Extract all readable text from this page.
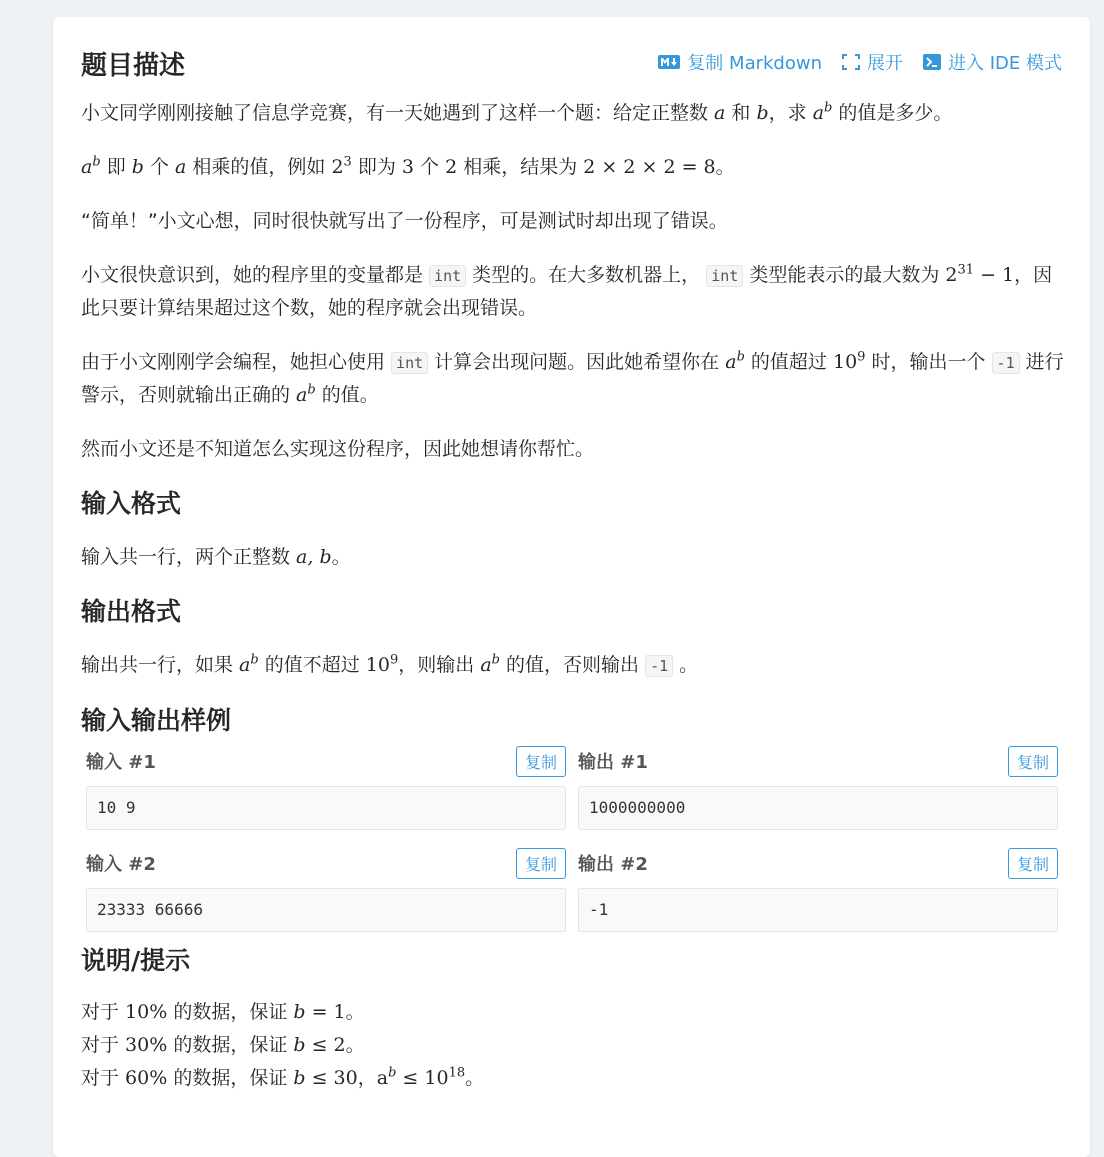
题目描述	复制 Markdown	展开	进入 IDE 模式

小文同学刚刚接触了信息学竞赛，有一天她遇到了这样一个题：给定正整数 a 和 b，求 $a^b$ 的值是多少。

$a^b$ 即 b 个 a 相乘的值，例如 $2^3$ 即为 3 个 2 相乘，结果为 2 × 2 × 2 = 8。

“简单！”小文心想，同时很快就写出了一份程序，可是测试时却出现了错误。

小文很快意识到，她的程序里的变量都是 int 类型的。在大多数机器上， int 类型能表示的最大数为 $2^{31} - 1$，因此只要计算结果超过这个数，她的程序就会出现错误。

由于小文刚刚学会编程，她担心使用 int 计算会出现问题。因此她希望你在 $a^b$ 的值超过 $10^9$ 时，输出一个 -1 进行警示，否则就输出正确的 $a^b$ 的值。

然而小文还是不知道怎么实现这份程序，因此她想请你帮忙。

输入格式

输入共一行，两个正整数 a, b。

输出格式

输出共一行，如果 $a^b$ 的值不超过 $10^9$，则输出 $a^b$ 的值，否则输出 -1 。

输入输出样例
输入 #1	复制
10 9
输出 #1	复制
1000000000
输入 #2	复制
23333 66666
输出 #2	复制
-1
说明/提示

对于 10% 的数据，保证 b = 1。

对于 30% 的数据，保证 b ≤ 2。

对于 60% 的数据，保证 b ≤ 30，$a^b \le 10^{18}$。
